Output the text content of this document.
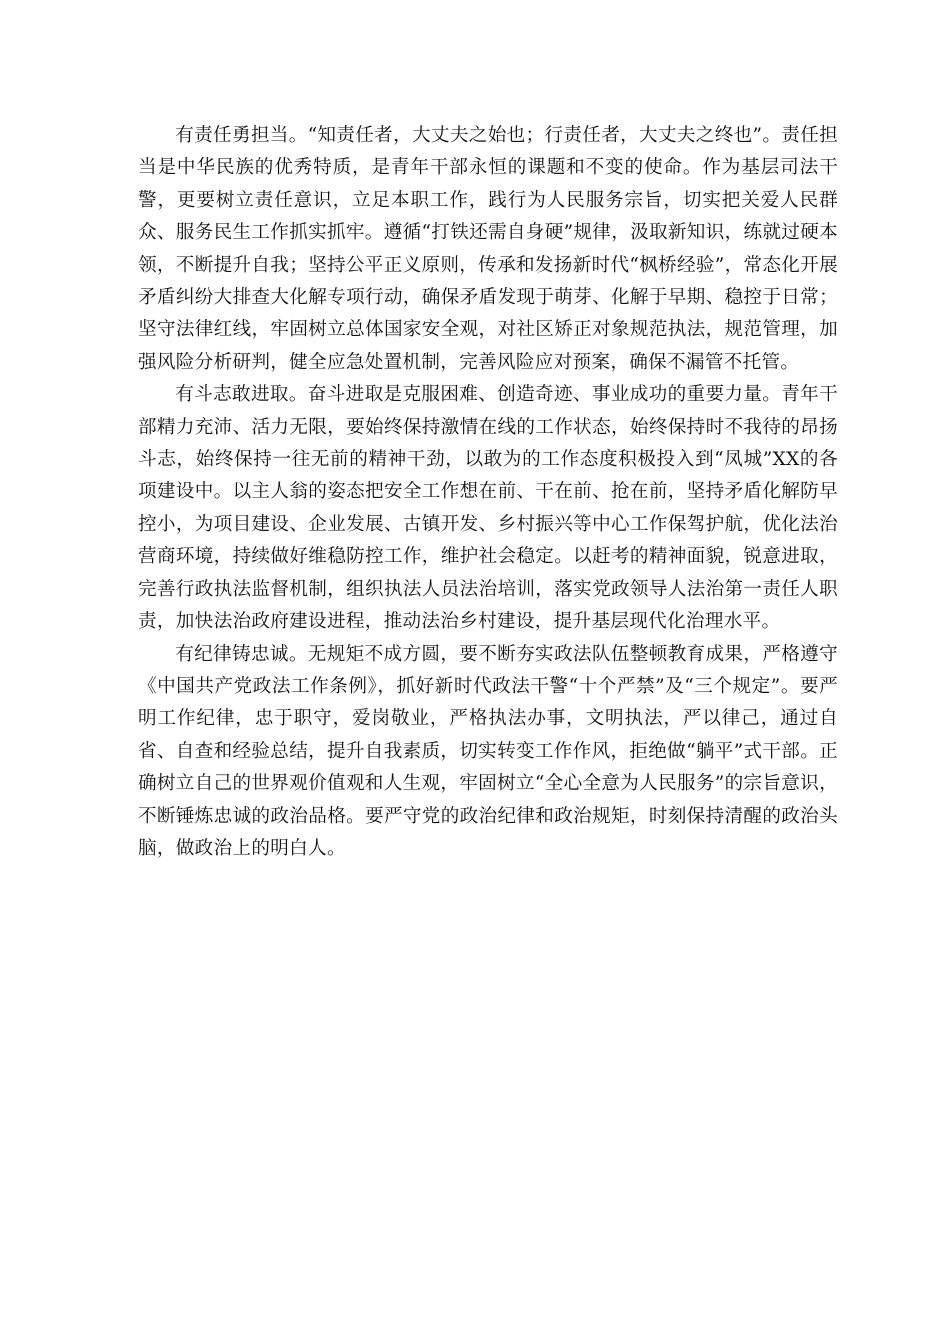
有责任勇担当。“知责任者，大丈夫之始也；行责任者，大丈夫之终也”。责任担当是中华民族的优秀特质，是青年干部永恒的课题和不变的使命。作为基层司法干警，更要树立责任意识，立足本职工作，践行为人民服务宗旨，切实把关爱人民群众、服务民生工作抓实抓牢。遵循“打铁还需自身硬”规律，汲取新知识，练就过硬本领，不断提升自我；坚持公平正义原则，传承和发扬新时代“枫桥经验”，常态化开展矛盾纠纷大排查大化解专项行动，确保矛盾发现于萌芽、化解于早期、稳控于日常；坚守法律红线，牢固树立总体国家安全观，对社区矫正对象规范执法，规范管理，加强风险分析研判，健全应急处置机制，完善风险应对预案，确保不漏管不托管。

有斗志敢进取。奋斗进取是克服困难、创造奇迹、事业成功的重要力量。青年干部精力充沛、活力无限，要始终保持激情在线的工作状态，始终保持时不我待的昂扬斗志，始终保持一往无前的精神干劲，以敢为的工作态度积极投入到“凤城”XX的各项建设中。以主人翁的姿态把安全工作想在前、干在前、抢在前，坚持矛盾化解防早控小，为项目建设、企业发展、古镇开发、乡村振兴等中心工作保驾护航，优化法治营商环境，持续做好维稳防控工作，维护社会稳定。以赶考的精神面貌，锐意进取，完善行政执法监督机制，组织执法人员法治培训，落实党政领导人法治第一责任人职责，加快法治政府建设进程，推动法治乡村建设，提升基层现代化治理水平。

有纪律铸忠诚。无规矩不成方圆，要不断夯实政法队伍整顿教育成果，严格遵守《中国共产党政法工作条例》，抓好新时代政法干警“十个严禁”及“三个规定”。要严明工作纪律，忠于职守，爱岗敬业，严格执法办事，文明执法，严以律己，通过自省、自查和经验总结，提升自我素质，切实转变工作作风，拒绝做“躺平”式干部。正确树立自己的世界观价值观和人生观，牢固树立“全心全意为人民服务”的宗旨意识，不断锤炼忠诚的政治品格。要严守党的政治纪律和政治规矩，时刻保持清醒的政治头脑，做政治上的明白人。
